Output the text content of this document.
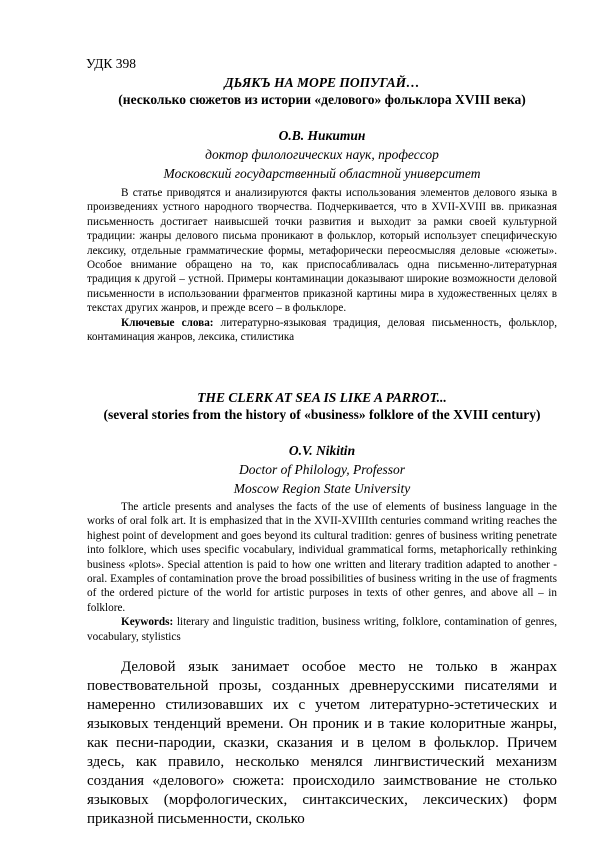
УДК 398
ДЬЯКЪ НА МОРЕ ПОПУГАЙ…
(несколько сюжетов из истории «делового» фольклора XVIII века)
О.В. Никитин
доктор филологических наук, профессор
Московский государственный областной университет

В статье приводятся и анализируются факты использования элементов делового языка в произведениях устного народного творчества. Подчеркивается, что в XVII-XVIII вв. приказная письменность достигает наивысшей точки развития и выходит за рамки своей культурной традиции: жанры делового письма проникают в фольклор, который использует специфическую лексику, отдельные грамматические формы, метафорически переосмысляя деловые «сюжеты». Особое внимание обращено на то, как приспосабливалась одна письменно-литературная традиция к другой – устной. Примеры контаминации доказывают широкие возможности деловой письменности в использовании фрагментов приказной картины мира в художественных целях в текстах других жанров, и прежде всего – в фольклоре.

Ключевые слова: литературно-языковая традиция, деловая письменность, фольклор, контаминация жанров, лексика, стилистика

THE CLERK AT SEA IS LIKE A PARROT...
(several stories from the history of «business» folklore of the XVIII century)
O.V. Nikitin
Doctor of Philology, Professor
Moscow Region State University

The article presents and analyses the facts of the use of elements of business language in the works of oral folk art. It is emphasized that in the XVII-XVIIIth centuries command writing reaches the highest point of development and goes beyond its cultural tradition: genres of business writing penetrate into folklore, which uses specific vocabulary, individual grammatical forms, metaphorically rethinking business «plots». Special attention is paid to how one written and literary tradition adapted to another - oral. Examples of contamination prove the broad possibilities of business writing in the use of fragments of the ordered picture of the world for artistic purposes in texts of other genres, and above all – in folklore.

Keywords: literary and linguistic tradition, business writing, folklore, contamination of genres, vocabulary, stylistics

Деловой язык занимает особое место не только в жанрах повествовательной прозы, созданных древнерусскими писателями и намеренно стилизовавших их с учетом литературно-эстетических и языковых тенденций времени. Он проник и в такие колоритные жанры, как песни-пародии, сказки, сказания и в целом в фольклор. Причем здесь, как правило, несколько менялся лингвистический механизм создания «делового» сюжета: происходило заимствование не столько языковых (морфологических, синтаксических, лексических) форм приказной письменности, сколько
